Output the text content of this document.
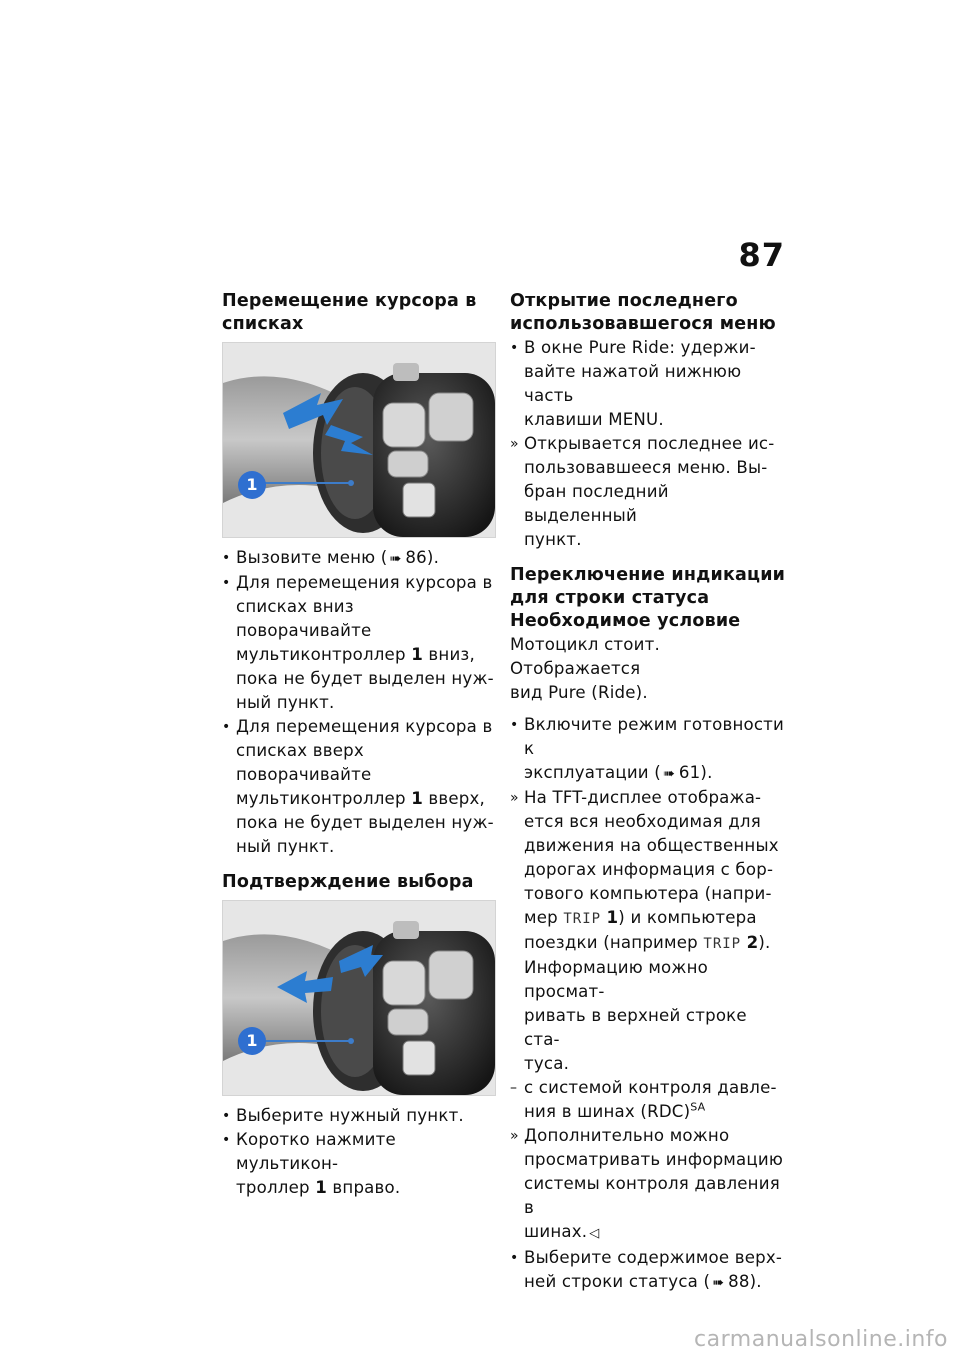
87

Перемещение курсора в
списках

1

• Вызовите меню ( ➠ 86).

• Для перемещения курсора в
списках вниз поворачивайте
мультиконтроллер 1 вниз,
пока не будет выделен нуж-
ный пункт.

• Для перемещения курсора в
списках вверх поворачивайте
мультиконтроллер 1 вверх,
пока не будет выделен нуж-
ный пункт.

Подтверждение выбора

1

• Выберите нужный пункт.

• Коротко нажмите мультикон-
троллер 1 вправо.

Открытие последнего
использовавшегося меню

• В окне Pure Ride: удержи-
вайте нажатой нижнюю часть
клавиши MENU.

» Открывается последнее ис-
пользовавшееся меню. Вы-
бран последний выделенный
пункт.

Переключение индикации
для строки статуса

Необходимое условие

Мотоцикл стоит. Отображается
вид Pure (Ride).

• Включите режим готовности к
эксплуатации ( ➠ 61).

» На TFT-дисплее отобража-
ется вся необходимая для
движения на общественных
дорогах информация с бор-
тового компьютера (напри-
мер TRIP 1) и компьютера
поездки (например TRIP 2).
Информацию можно просмат-
ривать в верхней строке ста-
туса.

– с системой контроля давле-
ния в шинах (RDC)$^{SA}$

» Дополнительно можно
просматривать информацию
системы контроля давления в
шинах. ◁

• Выберите содержимое верх-
ней строки статуса ( ➠ 88).

carmanualsonline.info
